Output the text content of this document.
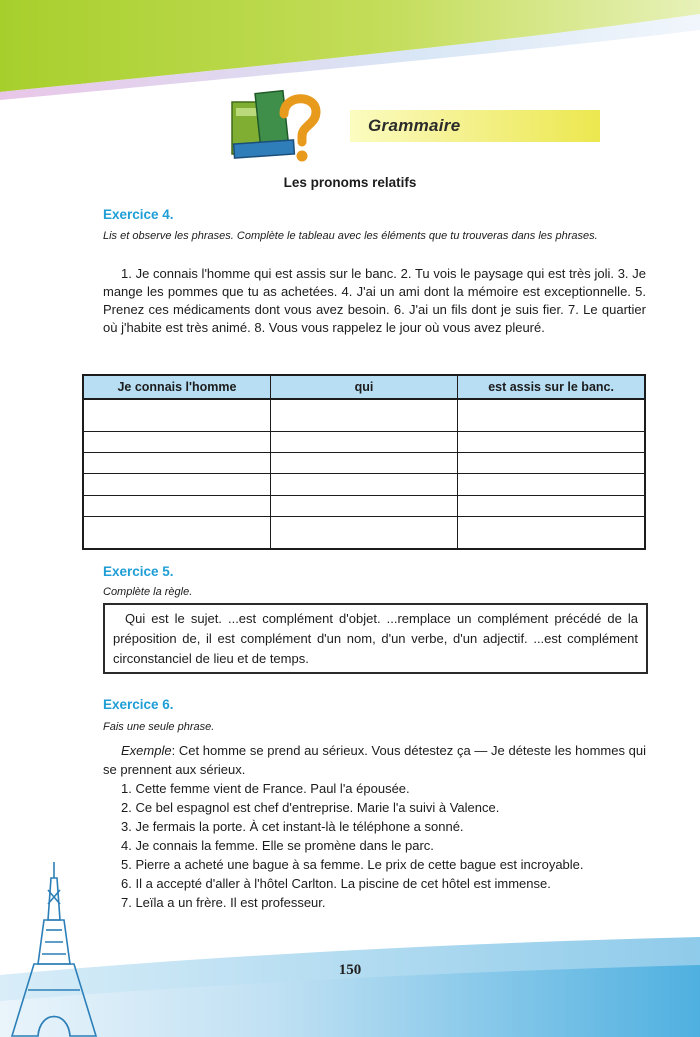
Grammaire
Les pronoms relatifs
Exercice 4.
Lis et observe les phrases. Complète le tableau avec les éléments que tu trouveras dans les phrases.

1. Je connais l'homme qui est assis sur le banc. 2. Tu vois le paysage qui est très joli. 3. Je mange les pommes que tu as achetées. 4. J'ai un ami dont la mémoire est exceptionnelle. 5. Prenez ces médicaments dont vous avez besoin. 6. J'ai un fils dont je suis fier. 7. Le quartier où j'habite est très animé. 8. Vous vous rappelez le jour où vous avez pleuré.

Je connais l'homme	qui	est assis sur le banc.

Exercice 5.
Complète la règle.
Qui est le sujet. ...est complément d'objet. ...remplace un complément précédé de la préposition de, il est complément d'un nom, d'un verbe, d'un adjectif. ...est complément circonstanciel de lieu et de temps.
Exercice 6.
Fais une seule phrase.
Exemple: Cet homme se prend au sérieux. Vous détestez ça — Je déteste les hommes qui se prennent aux sérieux.
1. Cette femme vient de France. Paul l'a épousée.
2. Ce bel espagnol est chef d'entreprise. Marie l'a suivi à Valence.
3. Je fermais la porte. À cet instant-là le téléphone a sonné.
4. Je connais la femme. Elle se promène dans le parc.
5. Pierre a acheté une bague à sa femme. Le prix de cette bague est incroyable.
6. Il a accepté d'aller à l'hôtel Carlton. La piscine de cet hôtel est immense.
7. Leïla a un frère. Il est professeur.
150
